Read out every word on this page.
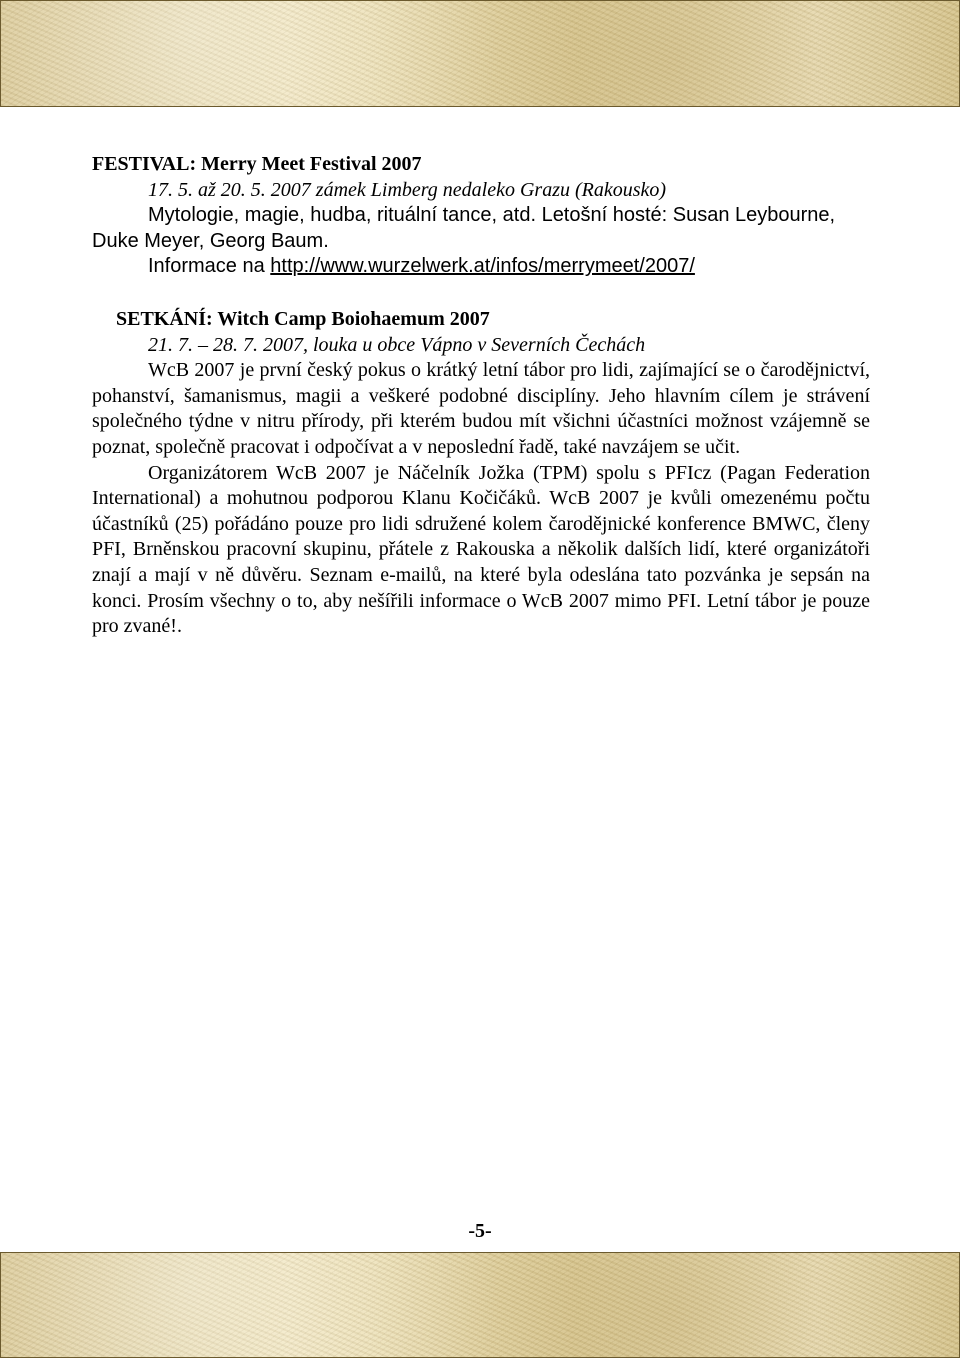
FESTIVAL: Merry Meet Festival 2007
17. 5. až 20. 5. 2007 zámek Limberg nedaleko Grazu (Rakousko)
Mytologie, magie, hudba, rituální tance, atd. Letošní hosté: Susan Leybourne,
Duke Meyer, Georg Baum.
Informace na http://www.wurzelwerk.at/infos/merrymeet/2007/
SETKÁNÍ: Witch Camp Boiohaemum 2007
21. 7. – 28. 7. 2007, louka u obce Vápno v Severních Čechách

WcB 2007 je první český pokus o krátký letní tábor pro lidi, zajímající se o čarodějnictví, pohanství, šamanismus, magii a veškeré podobné disciplíny. Jeho hlavním cílem je strávení společného týdne v nitru přírody, při kterém budou mít všichni účastníci možnost vzájemně se poznat, společně pracovat i odpočívat a v neposlední řadě, také navzájem se učit.

Organizátorem WcB 2007 je Náčelník Jožka (TPM) spolu s PFIcz (Pagan Federation International) a mohutnou podporou Klanu Kočičáků. WcB 2007 je kvůli omezenému počtu účastníků (25) pořádáno pouze pro lidi sdružené kolem čarodějnické konference BMWC, členy PFI, Brněnskou pracovní skupinu, přátele z Rakouska a několik dalších lidí, které organizátoři znají a mají v ně důvěru. Seznam e-mailů, na které byla odeslána tato pozvánka je sepsán na konci. Prosím všechny o to, aby nešířili informace o WcB 2007 mimo PFI. Letní tábor je pouze pro zvané!.

-5-
